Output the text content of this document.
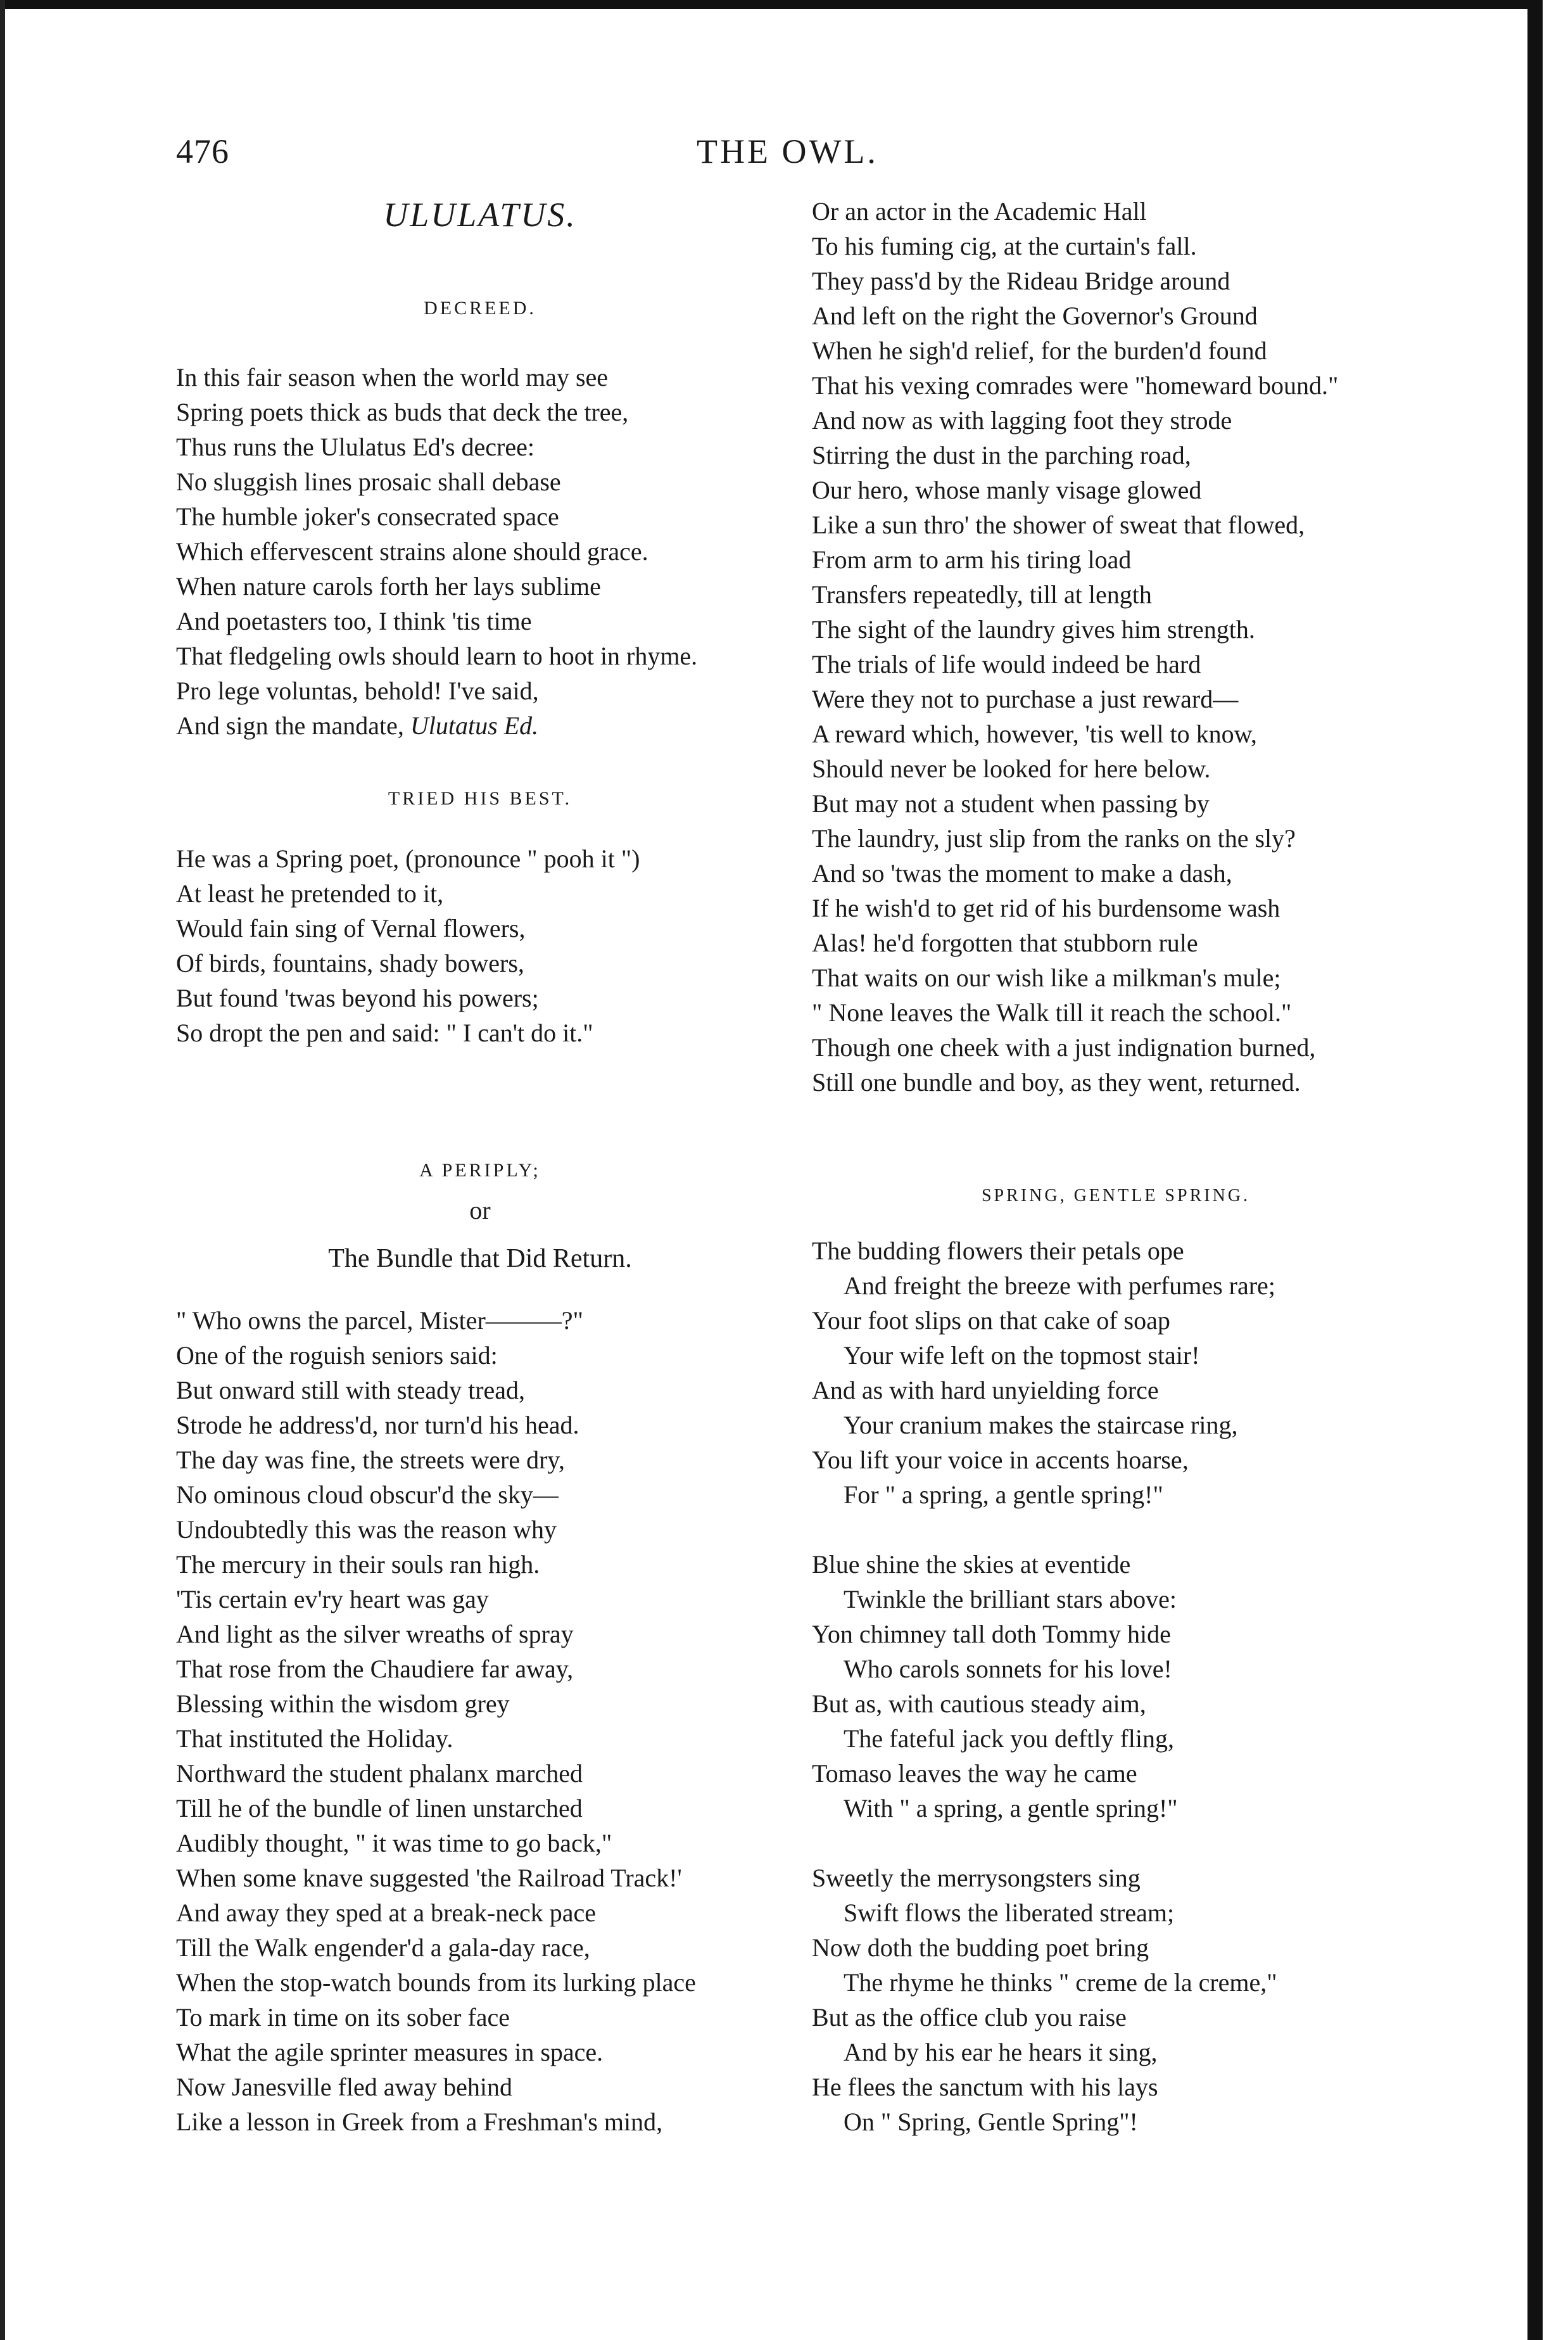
476	THE OWL.

ULULATUS.

DECREED.

In this fair season when the world may see
Spring poets thick as buds that deck the tree,
Thus runs the Ululatus Ed's decree:
No sluggish lines prosaic shall debase
The humble joker's consecrated space
Which effervescent strains alone should grace.
When nature carols forth her lays sublime
And poetasters too, I think 'tis time
That fledgeling owls should learn to hoot in rhyme.
Pro lege voluntas, behold! I've said,
And sign the mandate, Ulutatus Ed.

TRIED HIS BEST.

He was a Spring poet, (pronounce " pooh it ")
At least he pretended to it,
Would fain sing of Vernal flowers,
Of birds, fountains, shady bowers,
But found 'twas beyond his powers;
So dropt the pen and said: " I can't do it."
Or an actor in the Academic Hall
To his fuming cig, at the curtain's fall.
They pass'd by the Rideau Bridge around
And left on the right the Governor's Ground
When he sigh'd relief, for the burden'd found
That his vexing comrades were "homeward bound."
And now as with lagging foot they strode
Stirring the dust in the parching road,
Our hero, whose manly visage glowed
Like a sun thro' the shower of sweat that flowed,
From arm to arm his tiring load
Transfers repeatedly, till at length
The sight of the laundry gives him strength.
The trials of life would indeed be hard
Were they not to purchase a just reward—
A reward which, however, 'tis well to know,
Should never be looked for here below.
But may not a student when passing by
The laundry, just slip from the ranks on the sly?
And so 'twas the moment to make a dash,
If he wish'd to get rid of his burdensome wash
Alas! he'd forgotten that stubborn rule
That waits on our wish like a milkman's mule;
" None leaves the Walk till it reach the school."
Though one cheek with a just indignation burned,
Still one bundle and boy, as they went, returned.

A PERIPLY;

or

The Bundle that Did Return.

" Who owns the parcel, Mister———?"
One of the roguish seniors said:
But onward still with steady tread,
Strode he address'd, nor turn'd his head.
The day was fine, the streets were dry,
No ominous cloud obscur'd the sky—
Undoubtedly this was the reason why
The mercury in their souls ran high.
'Tis certain ev'ry heart was gay
And light as the silver wreaths of spray
That rose from the Chaudiere far away,
Blessing within the wisdom grey
That instituted the Holiday.
Northward the student phalanx marched
Till he of the bundle of linen unstarched
Audibly thought, " it was time to go back,"
When some knave suggested 'the Railroad Track!'
And away they sped at a break-neck pace
Till the Walk engender'd a gala-day race,
When the stop-watch bounds from its lurking place
To mark in time on its sober face
What the agile sprinter measures in space.
Now Janesville fled away behind
Like a lesson in Greek from a Freshman's mind,

SPRING, GENTLE SPRING.

The budding flowers their petals ope
And freight the breeze with perfumes rare;
Your foot slips on that cake of soap
Your wife left on the topmost stair!
And as with hard unyielding force
Your cranium makes the staircase ring,
You lift your voice in accents hoarse,
For " a spring, a gentle spring!"
Blue shine the skies at eventide
Twinkle the brilliant stars above:
Yon chimney tall doth Tommy hide
Who carols sonnets for his love!
But as, with cautious steady aim,
The fateful jack you deftly fling,
Tomaso leaves the way he came
With " a spring, a gentle spring!"
Sweetly the merrysongsters sing
Swift flows the liberated stream;
Now doth the budding poet bring
The rhyme he thinks " creme de la creme,"
But as the office club you raise
And by his ear he hears it sing,
He flees the sanctum with his lays
On " Spring, Gentle Spring"!
